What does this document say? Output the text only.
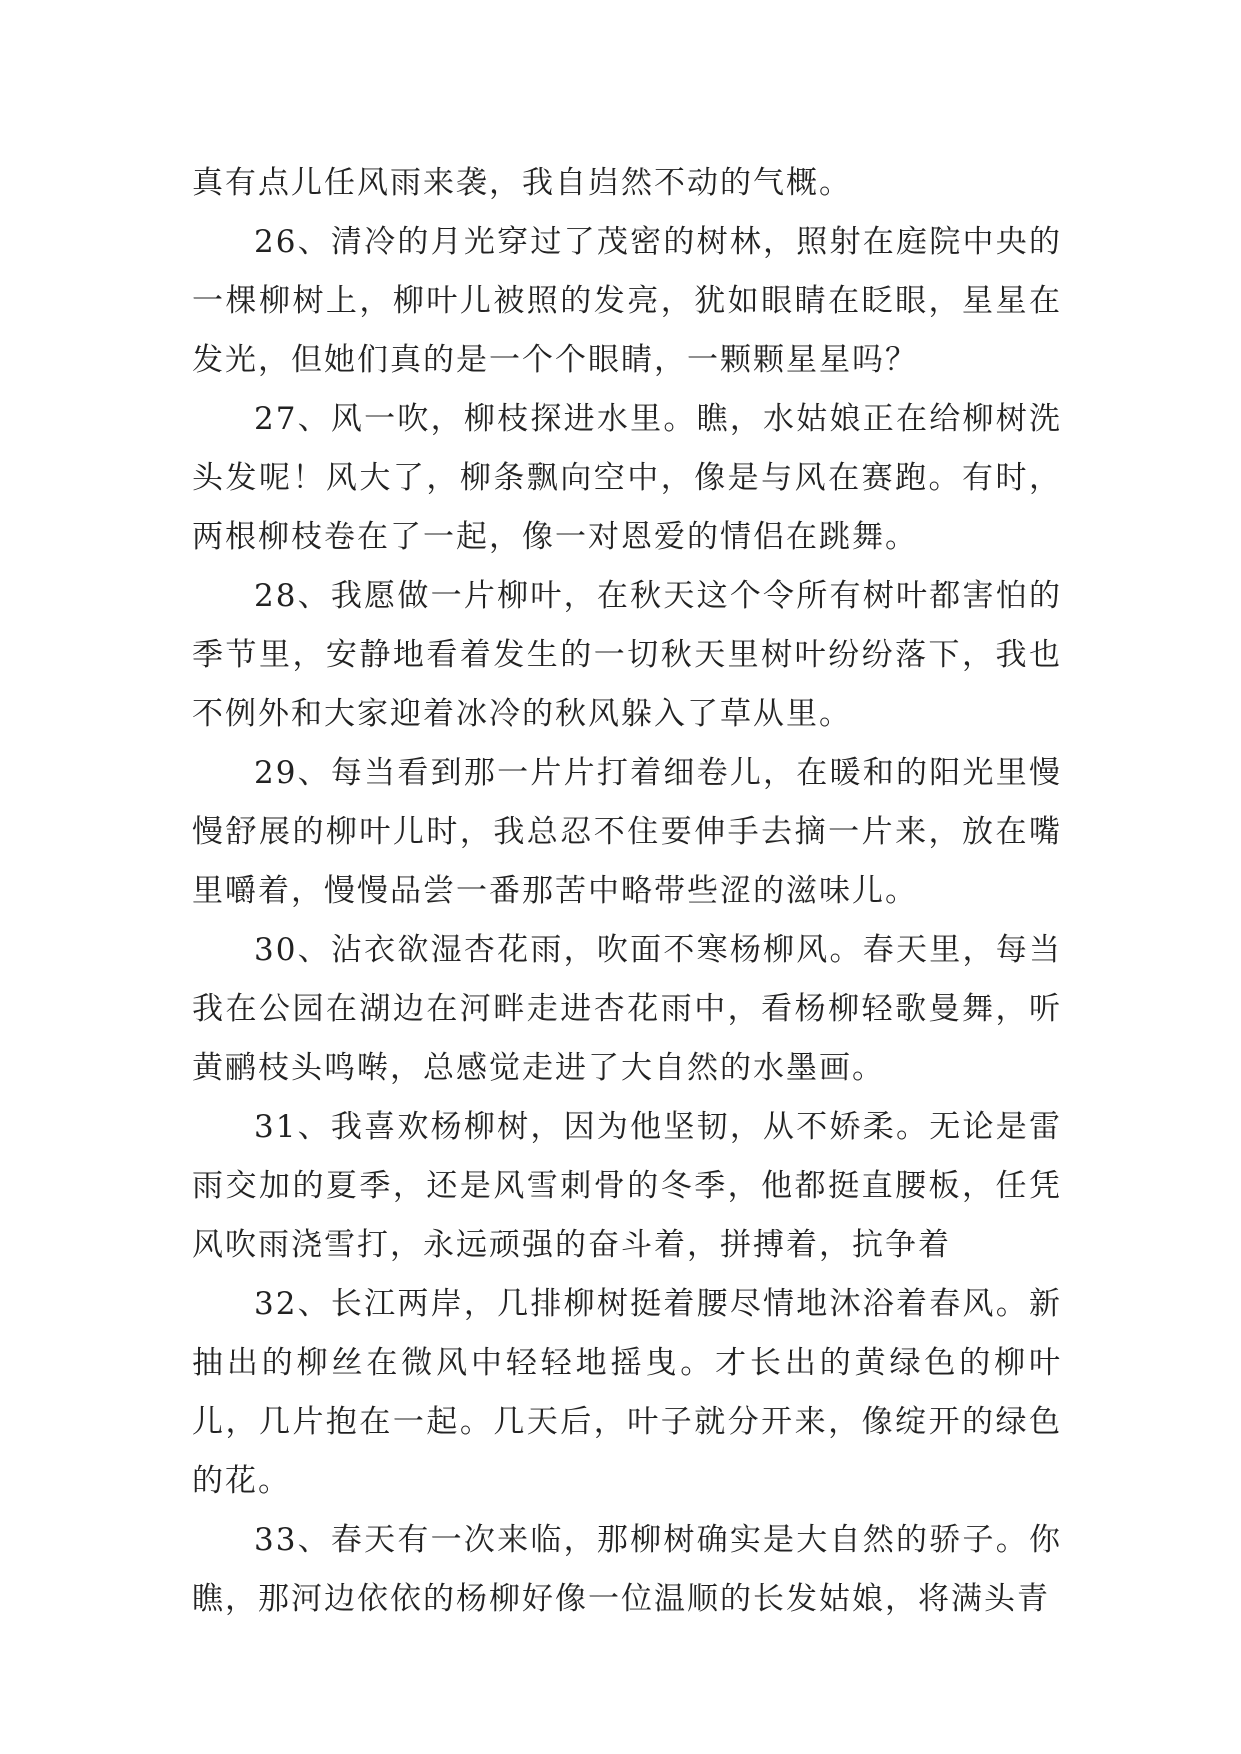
真有点儿任风雨来袭，我自岿然不动的气概。

26、清冷的月光穿过了茂密的树林，照射在庭院中央的一棵柳树上，柳叶儿被照的发亮，犹如眼睛在眨眼，星星在发光，但她们真的是一个个眼睛，一颗颗星星吗？

27、风一吹，柳枝探进水里。瞧，水姑娘正在给柳树洗头发呢！风大了，柳条飘向空中，像是与风在赛跑。有时，两根柳枝卷在了一起，像一对恩爱的情侣在跳舞。

28、我愿做一片柳叶，在秋天这个令所有树叶都害怕的季节里，安静地看着发生的一切秋天里树叶纷纷落下，我也不例外和大家迎着冰冷的秋风躲入了草从里。

29、每当看到那一片片打着细卷儿，在暖和的阳光里慢慢舒展的柳叶儿时，我总忍不住要伸手去摘一片来，放在嘴里嚼着，慢慢品尝一番那苦中略带些涩的滋味儿。

30、沾衣欲湿杏花雨，吹面不寒杨柳风。春天里，每当我在公园在湖边在河畔走进杏花雨中，看杨柳轻歌曼舞，听黄鹂枝头鸣啭，总感觉走进了大自然的水墨画。

31、我喜欢杨柳树，因为他坚韧，从不娇柔。无论是雷雨交加的夏季，还是风雪刺骨的冬季，他都挺直腰板，任凭风吹雨浇雪打，永远顽强的奋斗着，拼搏着，抗争着

32、长江两岸，几排柳树挺着腰尽情地沐浴着春风。新抽出的柳丝在微风中轻轻地摇曳。才长出的黄绿色的柳叶儿，几片抱在一起。几天后，叶子就分开来，像绽开的绿色的花。

33、春天有一次来临，那柳树确实是大自然的骄子。你瞧，那河边依依的杨柳好像一位温顺的长发姑娘，将满头青
